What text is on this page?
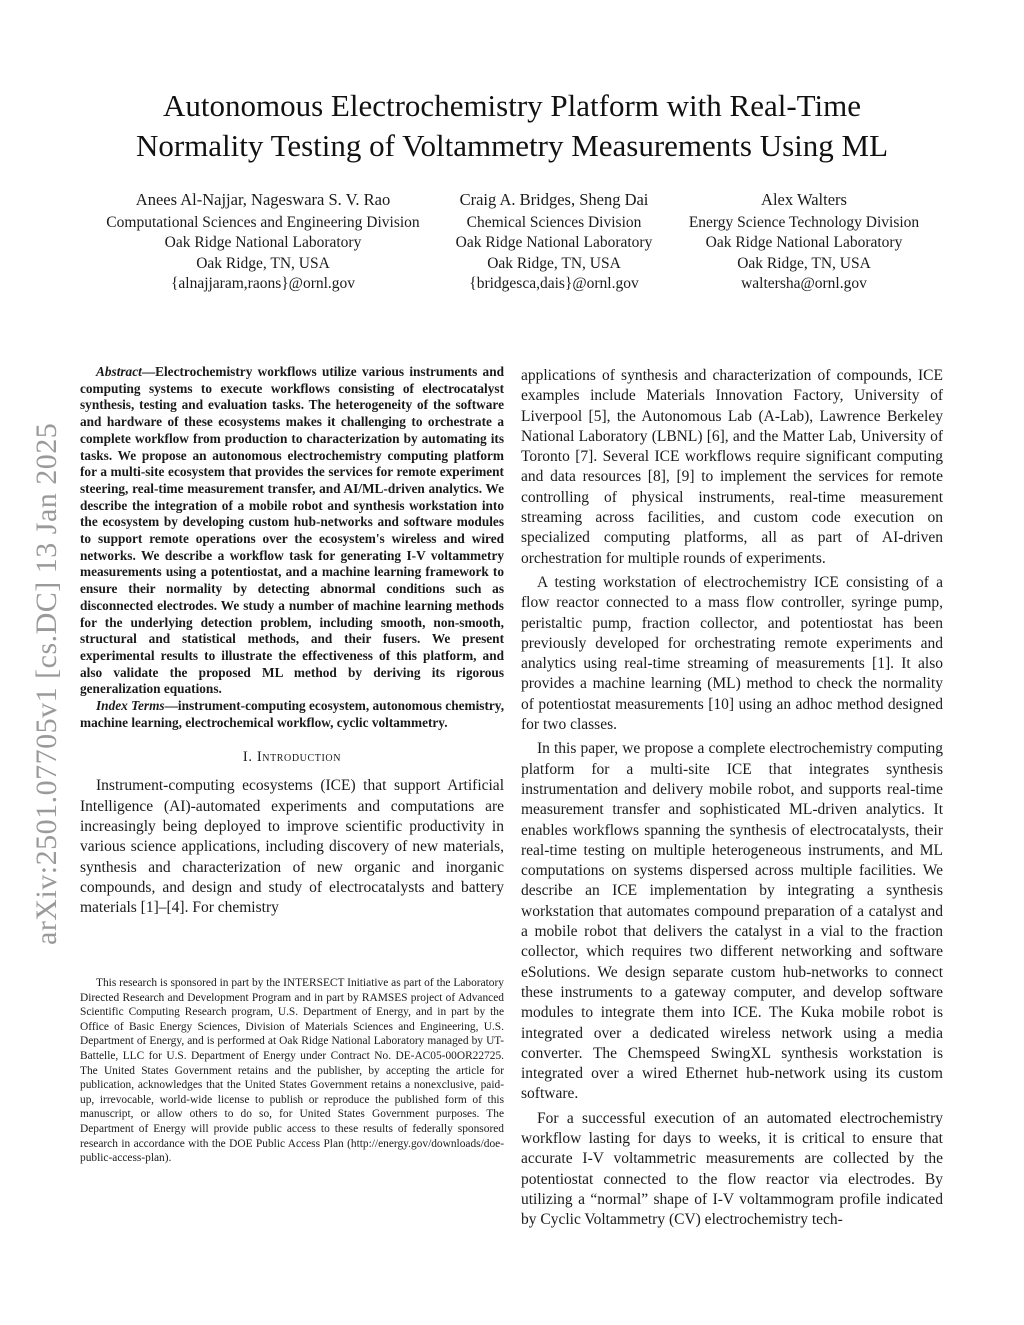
Autonomous Electrochemistry Platform with Real-Time
Normality Testing of Voltammetry Measurements Using ML
Anees Al-Najjar, Nageswara S. V. Rao
Computational Sciences and Engineering Division
Oak Ridge National Laboratory
Oak Ridge, TN, USA
{alnajjaram,raons}@ornl.gov
Craig A. Bridges, Sheng Dai
Chemical Sciences Division
Oak Ridge National Laboratory
Oak Ridge, TN, USA
{bridgesca,dais}@ornl.gov
Alex Walters
Energy Science Technology Division
Oak Ridge National Laboratory
Oak Ridge, TN, USA
waltersha@ornl.gov
arXiv:2501.07705v1 [cs.DC] 13 Jan 2025

Abstract—Electrochemistry workflows utilize various instruments and computing systems to execute workflows consisting of electrocatalyst synthesis, testing and evaluation tasks. The heterogeneity of the software and hardware of these ecosystems makes it challenging to orchestrate a complete workflow from production to characterization by automating its tasks. We propose an autonomous electrochemistry computing platform for a multi-site ecosystem that provides the services for remote experiment steering, real-time measurement transfer, and AI/ML-driven analytics. We describe the integration of a mobile robot and synthesis workstation into the ecosystem by developing custom hub-networks and software modules to support remote operations over the ecosystem's wireless and wired networks. We describe a workflow task for generating I-V voltammetry measurements using a potentiostat, and a machine learning framework to ensure their normality by detecting abnormal conditions such as disconnected electrodes. We study a number of machine learning methods for the underlying detection problem, including smooth, non-smooth, structural and statistical methods, and their fusers. We present experimental results to illustrate the effectiveness of this platform, and also validate the proposed ML method by deriving its rigorous generalization equations.

Index Terms—instrument-computing ecosystem, autonomous chemistry, machine learning, electrochemical workflow, cyclic voltammetry.

I. Introduction

Instrument-computing ecosystems (ICE) that support Artificial Intelligence (AI)-automated experiments and computations are increasingly being deployed to improve scientific productivity in various science applications, including discovery of new materials, synthesis and characterization of new organic and inorganic compounds, and design and study of electrocatalysts and battery materials [1]–[4]. For chemistry

This research is sponsored in part by the INTERSECT Initiative as part of the Laboratory Directed Research and Development Program and in part by RAMSES project of Advanced Scientific Computing Research program, U.S. Department of Energy, and in part by the Office of Basic Energy Sciences, Division of Materials Sciences and Engineering, U.S. Department of Energy, and is performed at Oak Ridge National Laboratory managed by UT-Battelle, LLC for U.S. Department of Energy under Contract No. DE-AC05-00OR22725. The United States Government retains and the publisher, by accepting the article for publication, acknowledges that the United States Government retains a nonexclusive, paid-up, irrevocable, world-wide license to publish or reproduce the published form of this manuscript, or allow others to do so, for United States Government purposes. The Department of Energy will provide public access to these results of federally sponsored research in accordance with the DOE Public Access Plan (http://energy.gov/downloads/doe-public-access-plan).

applications of synthesis and characterization of compounds, ICE examples include Materials Innovation Factory, University of Liverpool [5], the Autonomous Lab (A-Lab), Lawrence Berkeley National Laboratory (LBNL) [6], and the Matter Lab, University of Toronto [7]. Several ICE workflows require significant computing and data resources [8], [9] to implement the services for remote controlling of physical instruments, real-time measurement streaming across facilities, and custom code execution on specialized computing platforms, all as part of AI-driven orchestration for multiple rounds of experiments.

A testing workstation of electrochemistry ICE consisting of a flow reactor connected to a mass flow controller, syringe pump, peristaltic pump, fraction collector, and potentiostat has been previously developed for orchestrating remote experiments and analytics using real-time streaming of measurements [1]. It also provides a machine learning (ML) method to check the normality of potentiostat measurements [10] using an adhoc method designed for two classes.

In this paper, we propose a complete electrochemistry computing platform for a multi-site ICE that integrates synthesis instrumentation and delivery mobile robot, and supports real-time measurement transfer and sophisticated ML-driven analytics. It enables workflows spanning the synthesis of electrocatalysts, their real-time testing on multiple heterogeneous instruments, and ML computations on systems dispersed across multiple facilities. We describe an ICE implementation by integrating a synthesis workstation that automates compound preparation of a catalyst and a mobile robot that delivers the catalyst in a vial to the fraction collector, which requires two different networking and software eSolutions. We design separate custom hub-networks to connect these instruments to a gateway computer, and develop software modules to integrate them into ICE. The Kuka mobile robot is integrated over a dedicated wireless network using a media converter. The Chemspeed SwingXL synthesis workstation is integrated over a wired Ethernet hub-network using its custom software.

For a successful execution of an automated electrochemistry workflow lasting for days to weeks, it is critical to ensure that accurate I-V voltammetric measurements are collected by the potentiostat connected to the flow reactor via electrodes. By utilizing a “normal” shape of I-V voltammogram profile indicated by Cyclic Voltammetry (CV) electrochemistry tech-
